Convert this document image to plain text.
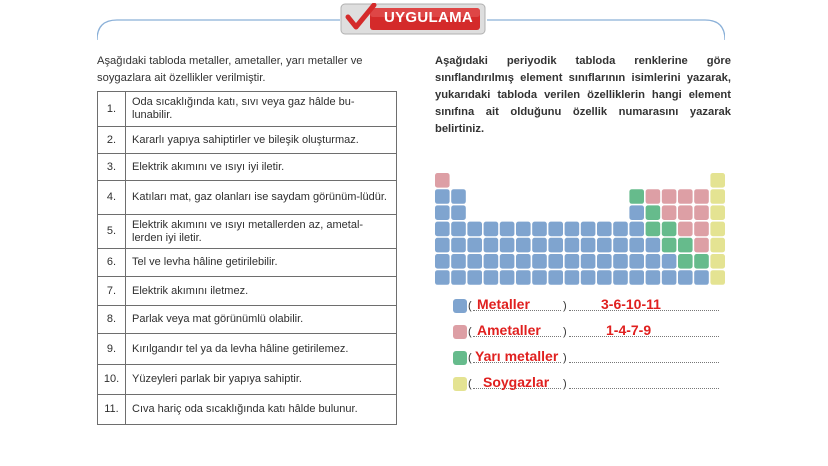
UYGULAMA
Aşağıdaki tabloda metaller, ametaller, yarı metaller ve soygazlara ait özellikler verilmiştir.
1.	Oda sıcaklığında katı, sıvı veya gaz hâlde bu-lunabilir.
2.	Kararlı yapıya sahiptirler ve bileşik oluşturmaz.
3.	Elektrik akımını ve ısıyı iyi iletir.
4.	Katıları mat, gaz olanları ise saydam görünüm-lüdür.
5.	Elektrik akımını ve ısıyı metallerden az, ametal-lerden iyi iletir.
6.	Tel ve levha hâline getirilebilir.
7.	Elektrik akımını iletmez.
8.	Parlak veya mat görünümlü olabilir.
9.	Kırılgandır tel ya da levha hâline getirilemez.
10.	Yüzeyleri parlak bir yapıya sahiptir.
11.	Cıva hariç oda sıcaklığında katı hâlde bulunur.
Aşağıdaki periyodik tabloda renklerine göre sınıflandırılmış element sınıflarının isimlerini yazarak, yukarıdaki tabloda verilen özelliklerin hangi element sınıfına ait olduğunu özellik numarasını yazarak belirtiniz.
(	)
Metaller	3-6-10-11
(	)
Ametaller	1-4-7-9
(	)
Yarı metaller
(	)
Soygazlar
